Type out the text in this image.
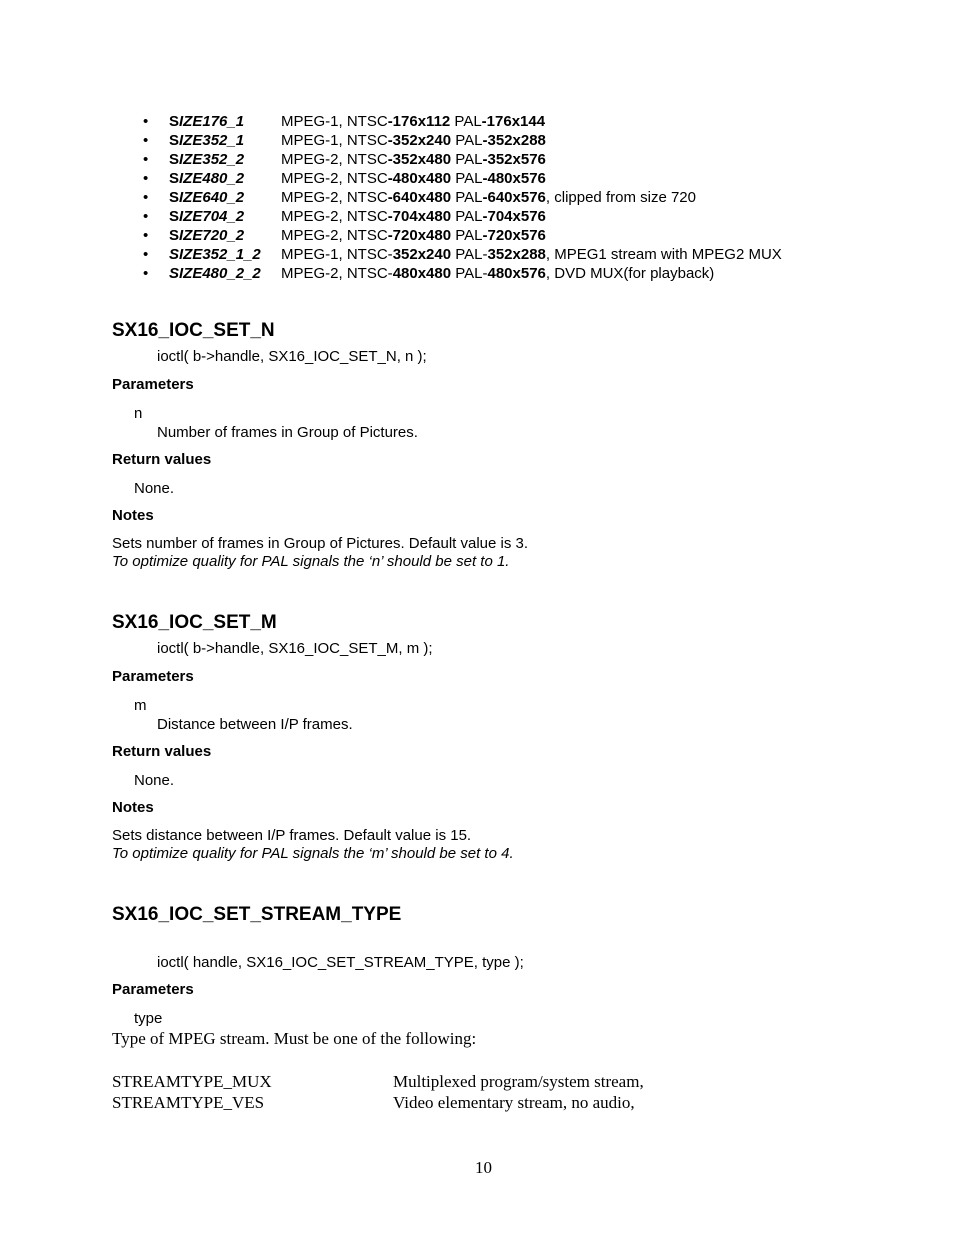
• SIZE176_1 MPEG-1, NTSC-176x112 PAL-176x144
• SIZE352_1 MPEG-1, NTSC-352x240 PAL-352x288
• SIZE352_2 MPEG-2, NTSC-352x480 PAL-352x576
• SIZE480_2 MPEG-2, NTSC-480x480 PAL-480x576
• SIZE640_2 MPEG-2, NTSC-640x480 PAL-640x576, clipped from size 720
• SIZE704_2 MPEG-2, NTSC-704x480 PAL-704x576
• SIZE720_2 MPEG-2, NTSC-720x480 PAL-720x576
• SIZE352_1_2 MPEG-1, NTSC-352x240 PAL-352x288, MPEG1 stream with MPEG2 MUX
• SIZE480_2_2 MPEG-2, NTSC-480x480 PAL-480x576, DVD MUX(for playback)
SX16_IOC_SET_N
ioctl( b->handle, SX16_IOC_SET_N, n );
Parameters
n
Number of frames in Group of Pictures.
Return values
None.
Notes
Sets number of frames in Group of Pictures. Default value is 3.
To optimize quality for PAL signals the ‘n’ should be set to 1.
SX16_IOC_SET_M
ioctl( b->handle, SX16_IOC_SET_M, m );
Parameters
m
Distance between I/P frames.
Return values
None.
Notes
Sets distance between I/P frames. Default value is 15.
To optimize quality for PAL signals the ‘m’ should be set to 4.
SX16_IOC_SET_STREAM_TYPE
ioctl( handle, SX16_IOC_SET_STREAM_TYPE, type );
Parameters
type
Type of MPEG stream. Must be one of the following:
STREAMTYPE_MUX	Multiplexed program/system stream,
STREAMTYPE_VES	Video elementary stream, no audio,
10
